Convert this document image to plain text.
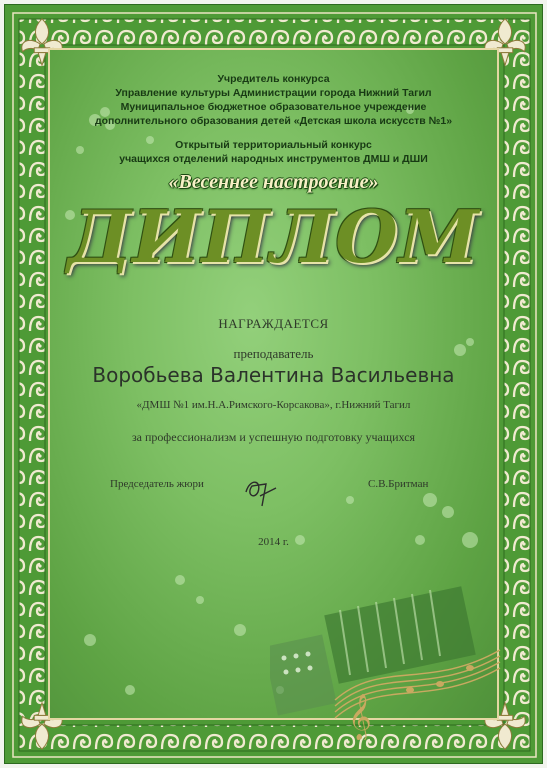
𝄞

Учредитель конкурса

Управление культуры Администрации города Нижний Тагил

Муниципальное бюджетное образовательное учреждение

дополнительного образования детей «Детская школа искусств №1»

Открытый территориальный конкурс

учащихся отделений народных инструментов ДМШ и ДШИ

«Весеннее настроение»

ДИПЛОМ

НАГРАЖДАЕТСЯ

преподаватель

Воробьева Валентина Васильевна

«ДМШ №1 им.Н.А.Римского-Корсакова», г.Нижний Тагил

за профессионализм и успешную подготовку учащихся

Председатель жюри	С.В.Бритман

2014 г.
